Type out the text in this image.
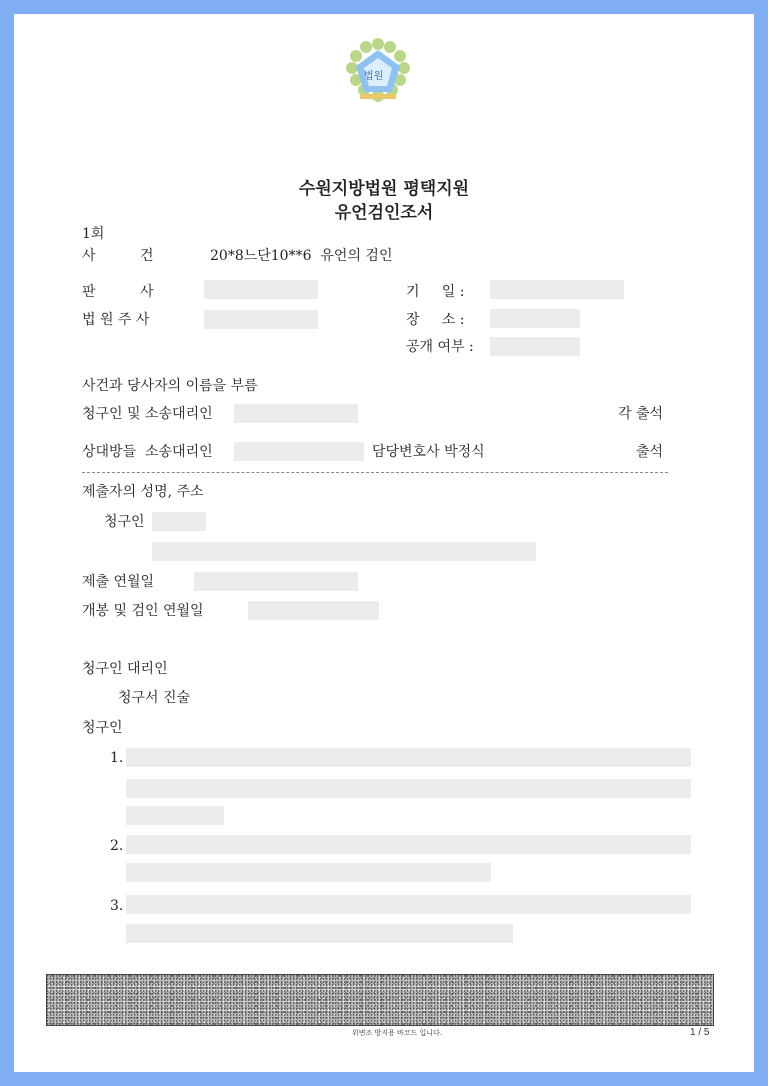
법원
수원지방법원 평택지원
유언검인조서
1회
사          건	20*8느단10**6  유언의 검인
판          사
법 원 주 사
기     일 :
장     소 :
공개 여부 :
사건과 당사자의 이름을 부름
청구인 및 소송대리인	각 출석
상대방들  소송대리인	담당변호사 박정식	출석
제출자의 성명, 주소
청구인
제출 연월일
개봉 및 검인 연월일
청구인 대리인
청구서 진술
청구인
1.
2.
3.
위변조 방지용 바코드 입니다.	1 / 5
